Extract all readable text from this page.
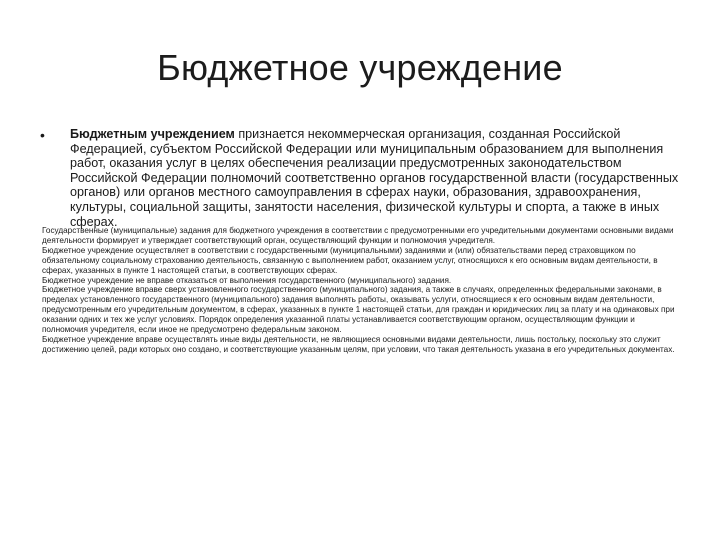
Бюджетное учреждение
• Бюджетным учреждением признается некоммерческая организация, созданная Российской Федерацией, субъектом Российской Федерации или муниципальным образованием для выполнения работ, оказания услуг в целях обеспечения реализации предусмотренных законодательством Российской Федерации полномочий соответственно органов государственной власти (государственных органов) или органов местного самоуправления в сферах науки, образования, здравоохранения, культуры, социальной защиты, занятости населения, физической культуры и спорта, а также в иных сферах.

Государственные (муниципальные) задания для бюджетного учреждения в соответствии с предусмотренными его учредительными документами основными видами деятельности формирует и утверждает соответствующий орган, осуществляющий функции и полномочия учредителя.

Бюджетное учреждение осуществляет в соответствии с государственными (муниципальными) заданиями и (или) обязательствами перед страховщиком по обязательному социальному страхованию деятельность, связанную с выполнением работ, оказанием услуг, относящихся к его основным видам деятельности, в сферах, указанных в пункте 1 настоящей статьи, в соответствующих сферах.

Бюджетное учреждение не вправе отказаться от выполнения государственного (муниципального) задания.

Бюджетное учреждение вправе сверх установленного государственного (муниципального) задания, а также в случаях, определенных федеральными законами, в пределах установленного государственного (муниципального) задания выполнять работы, оказывать услуги, относящиеся к его основным видам деятельности, предусмотренным его учредительным документом, в сферах, указанных в пункте 1 настоящей статьи, для граждан и юридических лиц за плату и на одинаковых при оказании одних и тех же услуг условиях. Порядок определения указанной платы устанавливается соответствующим органом, осуществляющим функции и полномочия учредителя, если иное не предусмотрено федеральным законом.

Бюджетное учреждение вправе осуществлять иные виды деятельности, не являющиеся основными видами деятельности, лишь постольку, поскольку это служит достижению целей, ради которых оно создано, и соответствующие указанным целям, при условии, что такая деятельность указана в его учредительных документах.
